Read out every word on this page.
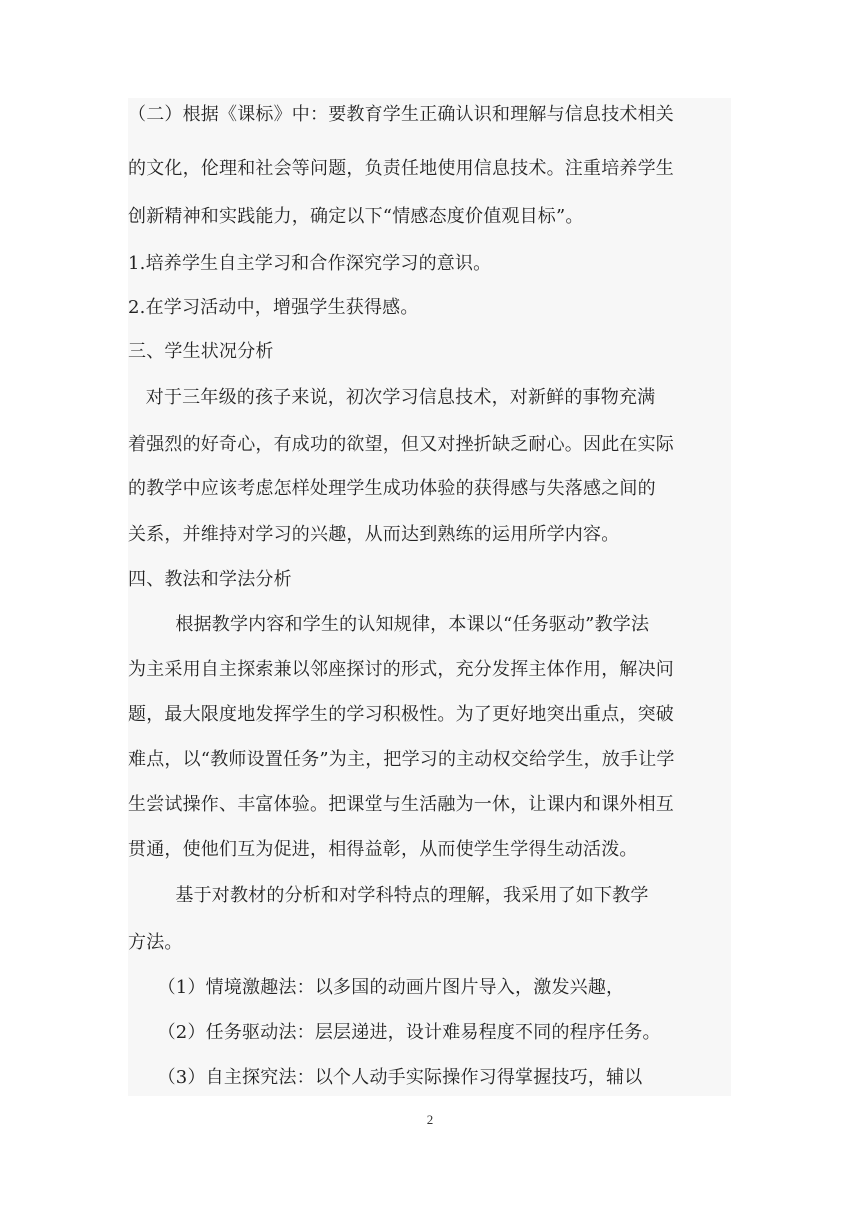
（二）根据《课标》中：要教育学生正确认识和理解与信息技术相关
的文化，伦理和社会等问题，负责任地使用信息技术。注重培养学生
创新精神和实践能力，确定以下“情感态度价值观目标”。
1.培养学生自主学习和合作深究学习的意识。
2.在学习活动中，增强学生获得感。
三、学生状况分析
对于三年级的孩子来说，初次学习信息技术，对新鲜的事物充满
着强烈的好奇心，有成功的欲望，但又对挫折缺乏耐心。因此在实际
的教学中应该考虑怎样处理学生成功体验的获得感与失落感之间的
关系，并维持对学习的兴趣，从而达到熟练的运用所学内容。
四、教法和学法分析
根据教学内容和学生的认知规律，本课以“任务驱动”教学法
为主采用自主探索兼以邻座探讨的形式，充分发挥主体作用，解决问
题，最大限度地发挥学生的学习积极性。为了更好地突出重点，突破
难点，以“教师设置任务”为主，把学习的主动权交给学生，放手让学
生尝试操作、丰富体验。把课堂与生活融为一休，让课内和课外相互
贯通，使他们互为促进，相得益彰，从而使学生学得生动活泼。
基于对教材的分析和对学科特点的理解，我采用了如下教学
方法。
（1）情境激趣法：以多国的动画片图片导入，激发兴趣，
（2）任务驱动法：层层递进，设计难易程度不同的程序任务。
（3）自主探究法：以个人动手实际操作习得掌握技巧，辅以
2
